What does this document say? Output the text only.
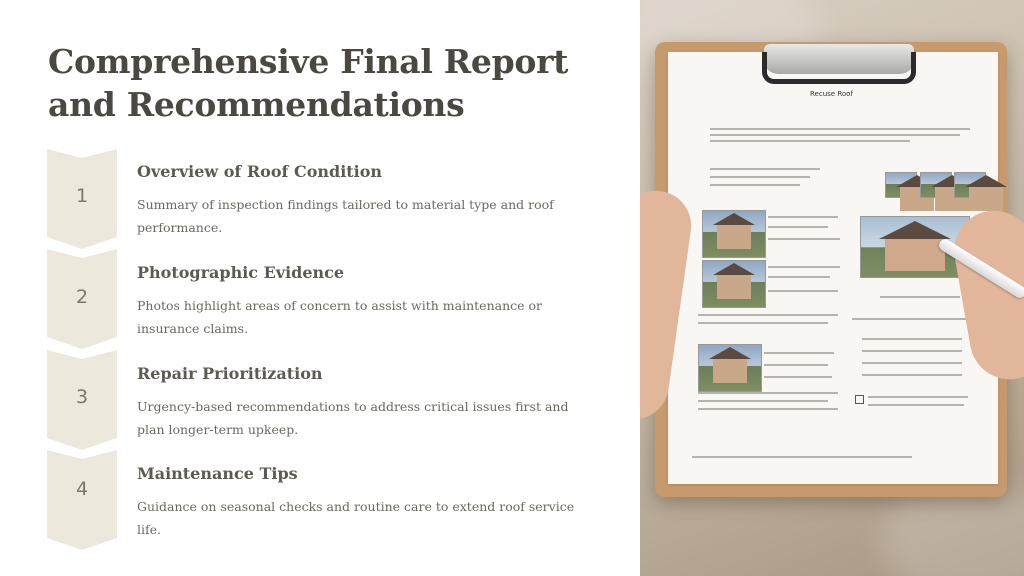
Comprehensive Final Report and Recommendations
1
Overview of Roof Condition

Summary of inspection findings tailored to material type and roof performance.

2
Photographic Evidence

Photos highlight areas of concern to assist with maintenance or insurance claims.

3
Repair Prioritization

Urgency-based recommendations to address critical issues first and plan longer-term upkeep.

4
Maintenance Tips

Guidance on seasonal checks and routine care to extend roof service life.

Recuse Roof
